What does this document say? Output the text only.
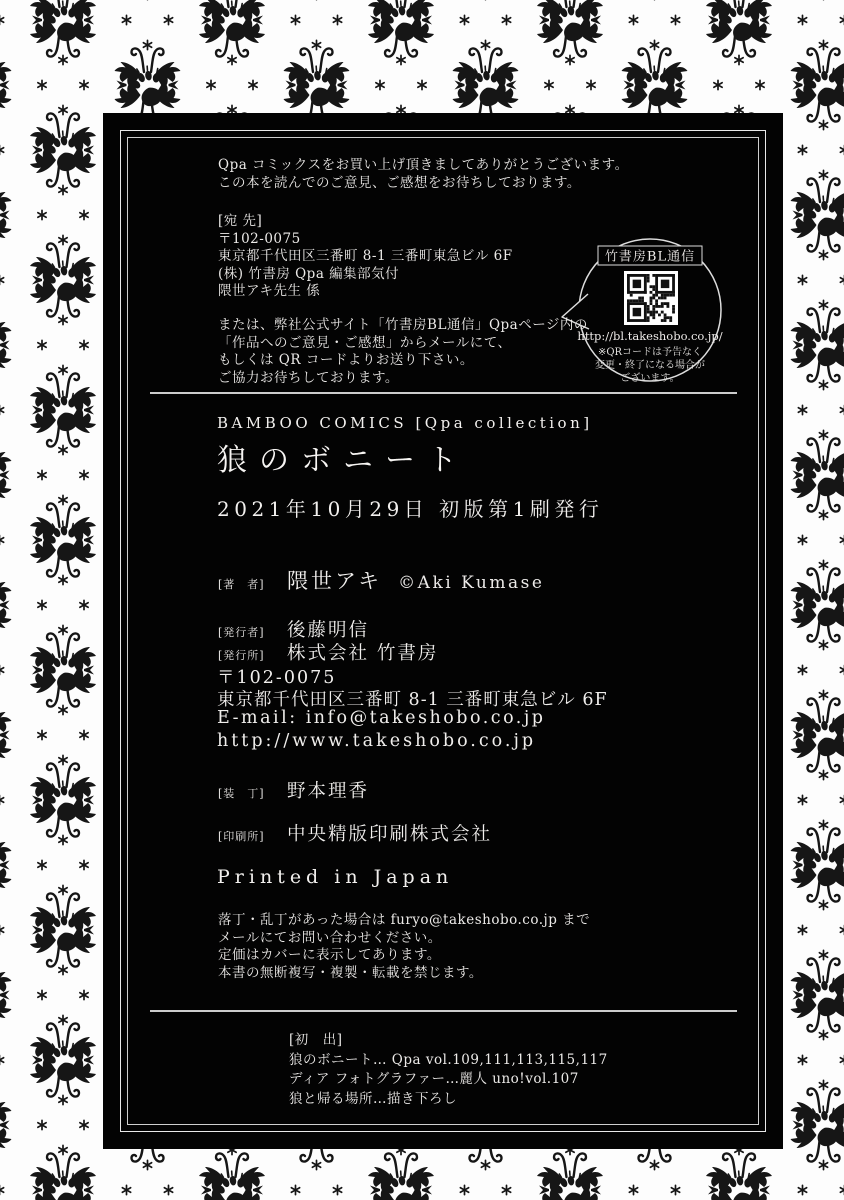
Qpa コミックスをお買い上げ頂きましてありがとうございます。
この本を読んでのご意見、ご感想をお待ちしております。
[宛 先]
〒102-0075
東京都千代田区三番町 8-1 三番町東急ビル 6F
(株) 竹書房 Qpa 編集部気付
隈世アキ先生 係
竹書房BL通信
http://bl.takeshobo.co.jp/
※QRコードは予告なく
変更・終了になる場合が
ございます。
または、弊社公式サイト「竹書房BL通信」Qpaページ内の
「作品へのご意見・ご感想」からメールにて、
もしくは QR コードよりお送り下さい。
ご協力お待ちしております。
BAMBOO COMICS [Qpa collection]
狼のボニート
2021年10月29日 初版第1刷発行
[著　者]	隈世アキ ©Aki Kumase
[発行者]	後藤明信
[発行所]	株式会社 竹書房
〒102-0075
東京都千代田区三番町 8-1 三番町東急ビル 6F
E-mail: info@takeshobo.co.jp
http://www.takeshobo.co.jp
[装　丁]	野本理香
[印刷所]	中央精版印刷株式会社
Printed in Japan
落丁・乱丁があった場合は furyo@takeshobo.co.jp まで
メールにてお問い合わせください。
定価はカバーに表示してあります。
本書の無断複写・複製・転載を禁じます。
[初　出]
狼のボニート… Qpa vol.109,111,113,115,117
ディア フォトグラファー…麗人 uno!vol.107
狼と帰る場所…描き下ろし
